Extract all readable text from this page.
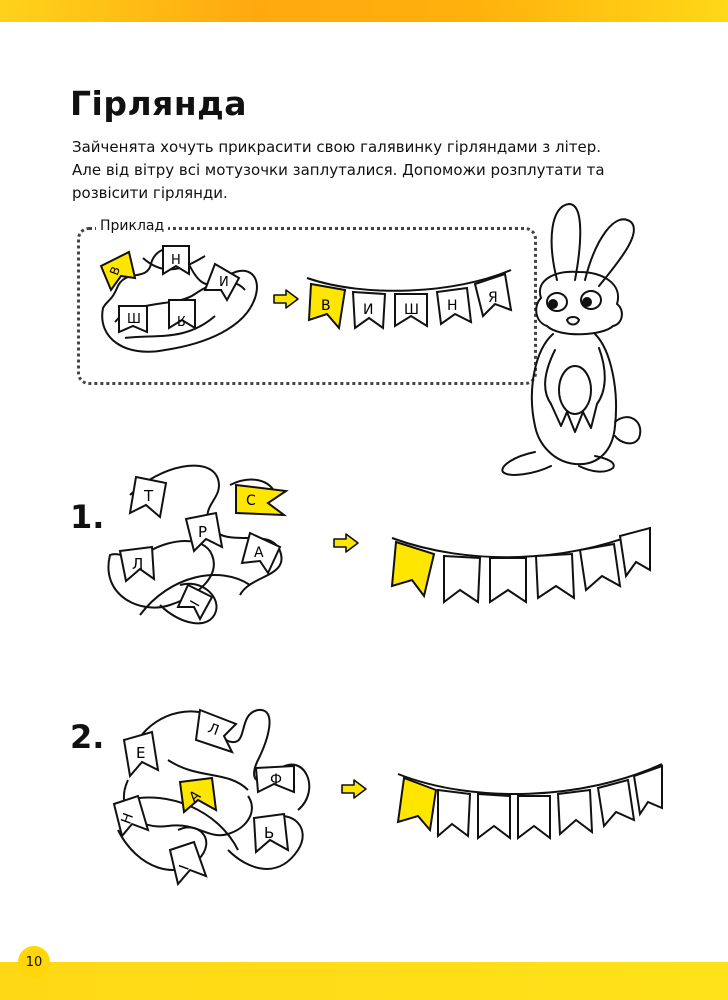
Гірлянда
Зайченята хочуть прикрасити свою галявинку гірляндами з літер.
Але від вітру всі мотузочки заплуталися. Допоможи розплутати та
розвісити гірлянди.
Приклад
В
Н
И
Ш	Я
В И Ш Н Я
1.
Т	С
Р
А
Л
І
2. Е
Л
Ф
А
Н
Ь
І
10
